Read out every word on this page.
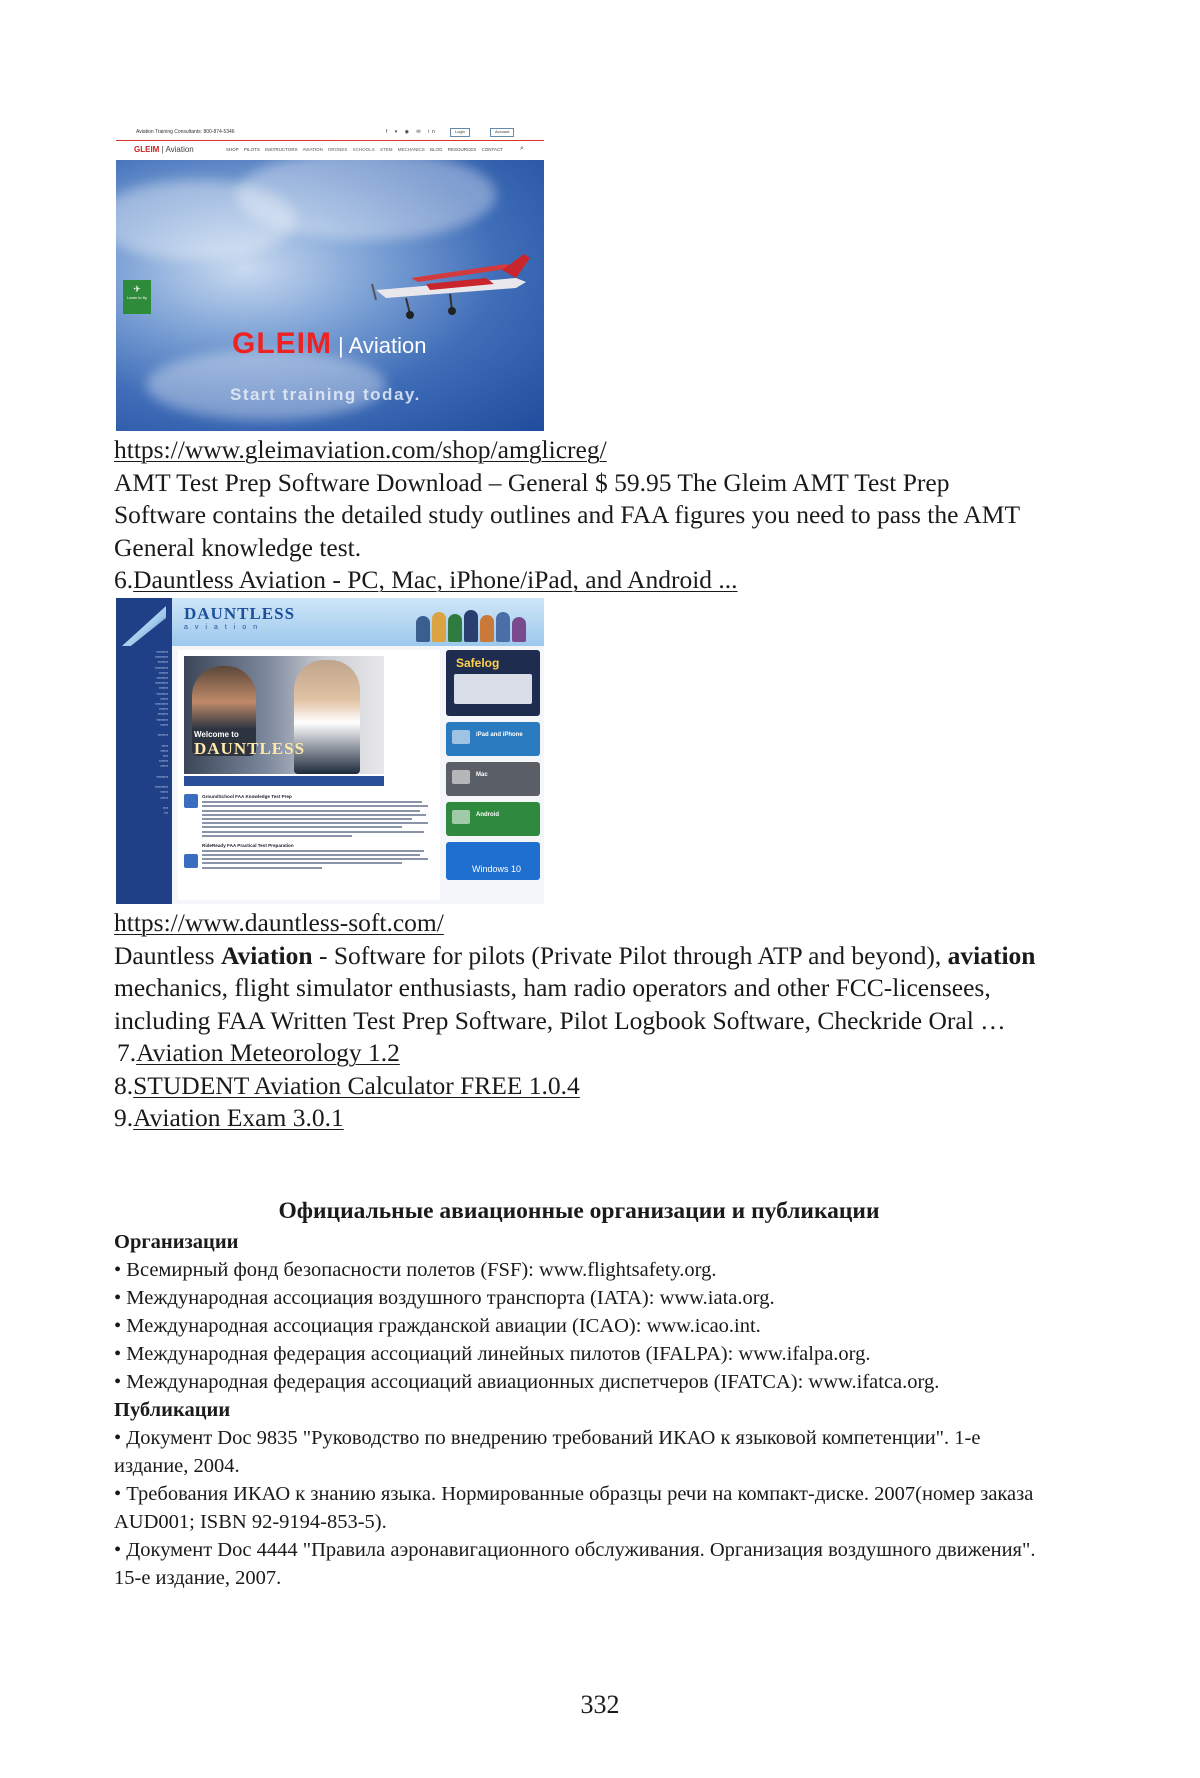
Aviation Training Consultants: 800-874-5346	f ▾ ◉ ✉ in	Login	Account
GLEIM | Aviation	SHOP PILOTS INSTRUCTORS AVIATION DRONES SCHOOLS STEM MECHANICS BLOG RESOURCES CONTACT ⌕
✈
Learn to fly
GLEIM | Aviation
Start training today.

https://www.gleimaviation.com/shop/amglicreg/

AMT Test Prep Software Download – General $ 59.95 The Gleim AMT Test Prep Software contains the detailed study outlines and FAA figures you need to pass the AMT General knowledge test.

6.Dauntless Aviation - PC, Mac, iPhone/iPad, and Android ...

DAUNTLESS
aviation
▪▪▪▪▪▪▪▪▪
▪▪▪▪▪▪▪▪▪▪
▪▪▪▪▪▪▪▪
▪▪▪▪▪▪▪▪▪▪
▪▪▪▪▪▪▪
▪▪▪▪▪▪▪▪▪
▪▪▪▪▪▪▪▪▪▪
▪▪▪▪▪▪▪
▪▪▪▪▪▪▪▪▪
▪▪▪▪▪▪
▪▪▪▪▪▪▪▪▪▪
▪▪▪▪▪▪▪
▪▪▪▪▪▪▪▪
▪▪▪▪▪▪▪▪▪
▪▪▪▪▪▪

▪▪▪▪▪▪▪▪

▪▪▪▪▪
▪▪▪▪▪▪
▪▪▪▪
▪▪▪▪▪▪▪
▪▪▪▪▪▪

▪▪▪▪▪▪▪▪▪

▪▪▪▪▪▪▪▪▪▪
▪▪▪▪▪▪
▪▪▪▪▪▪

▪▪▪▪
▪▪▪
Welcome to
DAUNTLESS
GroundSchool FAA Knowledge Test Prep
RideReady FAA Practical Test Preparation
Safelog
iPad and iPhone
Mac
Android
Windows 10

https://www.dauntless-soft.com/

Dauntless Aviation - Software for pilots (Private Pilot through ATP and beyond), aviation mechanics, flight simulator enthusiasts, ham radio operators and other FCC-licensees, including FAA Written Test Prep Software, Pilot Logbook Software, Checkride Oral …

7.Aviation Meteorology 1.2

8.STUDENT Aviation Calculator FREE 1.0.4

9.Aviation Exam 3.0.1

Официальные авиационные организации и публикации

Организации

• Всемирный фонд безопасности полетов (FSF): www.flightsafety.org.

• Международная ассоциация воздушного транспорта (IATA): www.iata.org.

• Международная ассоциация гражданской авиации (ICAO): www.icao.int.

• Международная федерация ассоциаций линейных пилотов (IFALPA): www.ifalpa.org.

• Международная федерация ассоциаций авиационных диспетчеров (IFATCA): www.ifatca.org.

Публикации

• Документ Doc 9835 "Руководство по внедрению требований ИКАО к языковой компетенции". 1-е издание, 2004.

• Требования ИКАО к знанию языка. Нормированные образцы речи на компакт-диске. 2007(номер заказа AUD001; ISBN 92-9194-853-5).

• Документ Doc 4444 "Правила аэронавигационного обслуживания. Организация воздушного движения". 15-е издание, 2007.

332
